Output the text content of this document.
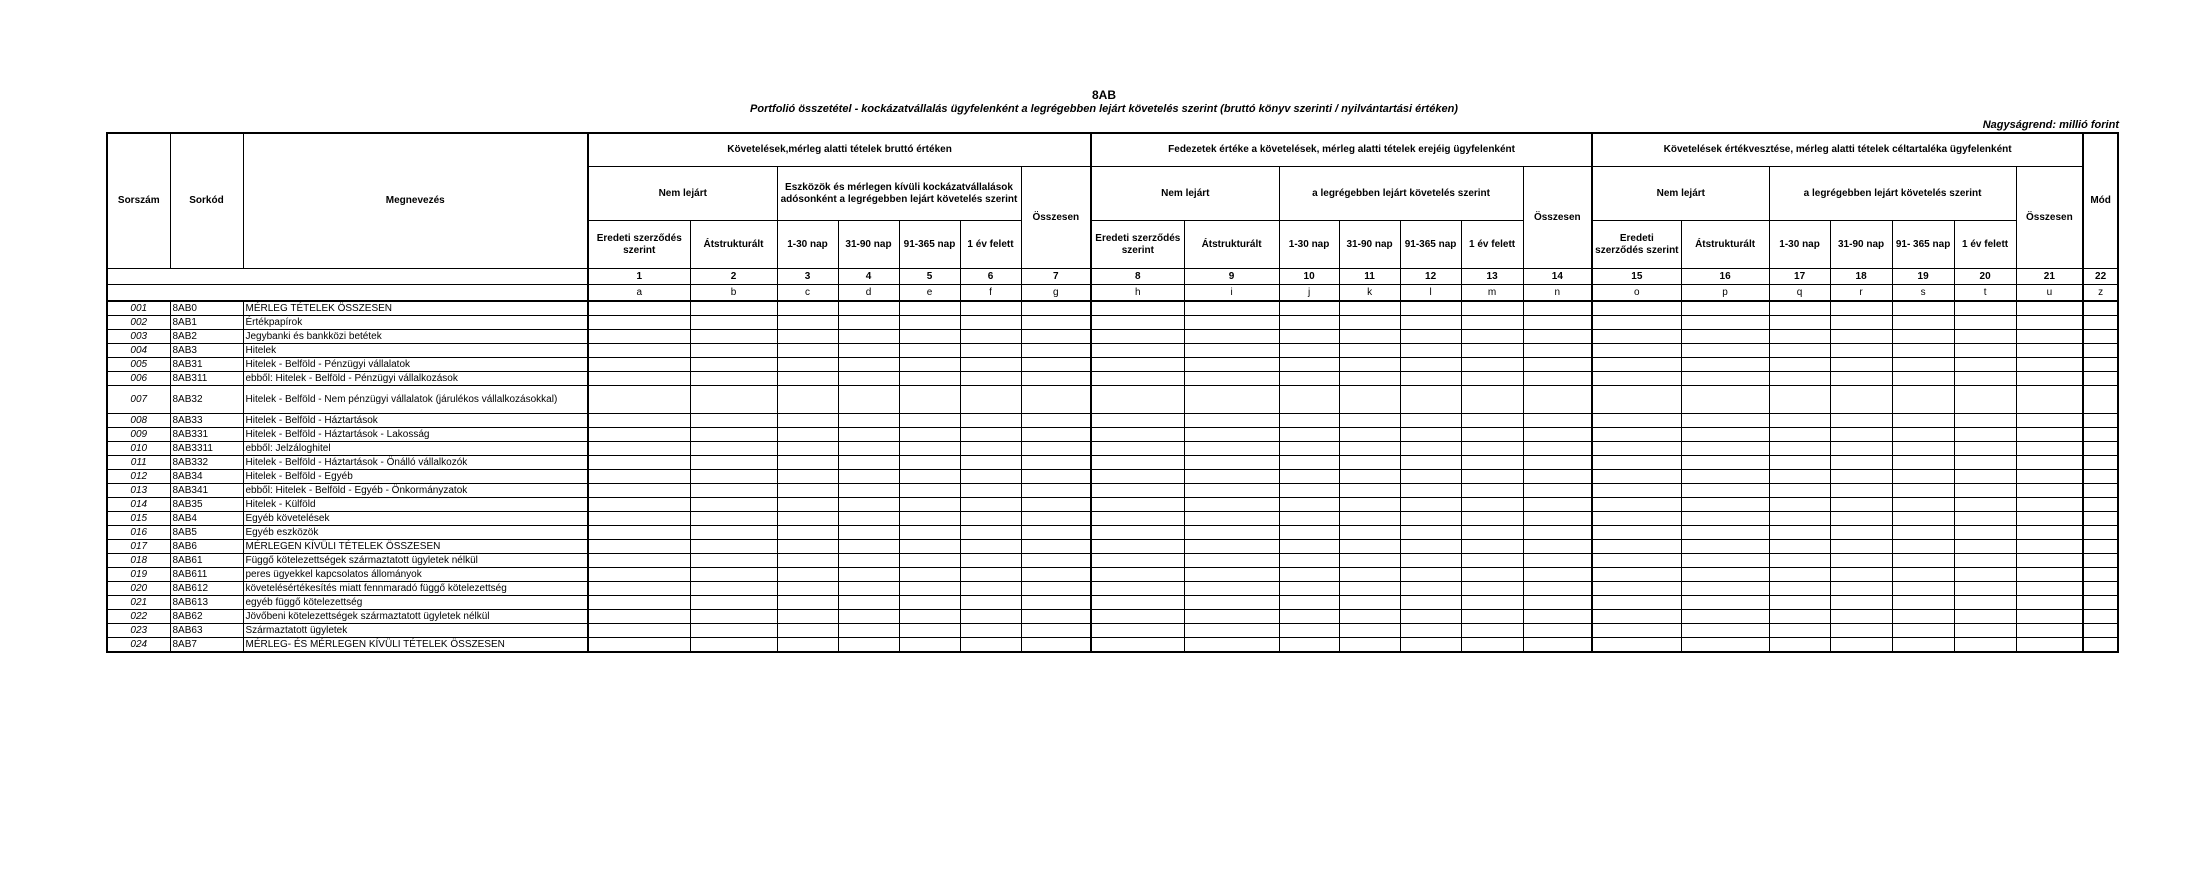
8AB
Portfolió összetétel - kockázatvállalás ügyfelenként a legrégebben lejárt követelés szerint (bruttó könyv szerinti / nyilvántartási értéken)
Nagyságrend: millió forint
Sorszám	Sorkód	Megnevezés	Követelések,mérleg alatti tételek bruttó értéken							Fedezetek értéke a követelések, mérleg alatti tételek erejéig ügyfelenként							Követelések értékvesztése, mérleg alatti tételek céltartaléka ügyfelenként							Mód
			Nem lejárt		Eszközök és mérlegen kívüli kockázatvállalások adósonként a legrégebben lejárt követelés szerint				Összesen	Nem lejárt		a legrégebben lejárt követelés szerint				Összesen	Nem lejárt		a legrégebben lejárt követelés szerint				Összesen	
			Eredeti szerződés szerint	Átstrukturált	1-30 nap	31-90 nap	91-365 nap	1 év felett		Eredeti szerződés szerint	Átstrukturált	1-30 nap	31-90 nap	91-365 nap	1 év felett		Eredeti szerződés szerint	Átstrukturált	1-30 nap	31-90 nap	91- 365 nap	1 év felett		
			1	2	3	4	5	6	7	8	9	10	11	12	13	14	15	16	17	18	19	20	21	22
			a	b	c	d	e	f	g	h	i	j	k	l	m	n	o	p	q	r	s	t	u	z
001	8AB0	MÉRLEG TÉTELEK ÖSSZESEN																						
002	8AB1	Értékpapírok																						
003	8AB2	Jegybanki és bankközi betétek																						
004	8AB3	Hitelek																						
005	8AB31	Hitelek - Belföld - Pénzügyi vállalatok																						
006	8AB311	ebből: Hitelek - Belföld - Pénzügyi vállalkozások																						
007	8AB32	Hitelek - Belföld - Nem pénzügyi vállalatok (járulékos vállalkozásokkal)																						
008	8AB33	Hitelek - Belföld - Háztartások																						
009	8AB331	Hitelek - Belföld - Háztartások - Lakosság																						
010	8AB3311	ebből: Jelzáloghitel																						
011	8AB332	Hitelek - Belföld - Háztartások - Önálló vállalkozók																						
012	8AB34	Hitelek - Belföld - Egyéb																						
013	8AB341	ebből: Hitelek - Belföld - Egyéb - Önkormányzatok																						
014	8AB35	Hitelek - Külföld																						
015	8AB4	Egyéb követelések																						
016	8AB5	Egyéb eszközök																						
017	8AB6	MÉRLEGEN KÍVÜLI TÉTELEK ÖSSZESEN																						
018	8AB61	Függő kötelezettségek származtatott ügyletek nélkül																						
019	8AB611	peres ügyekkel kapcsolatos állományok																						
020	8AB612	követelésértékesítés miatt fennmaradó függő kötelezettség																						
021	8AB613	egyéb függő kötelezettség																						
022	8AB62	Jövőbeni kötelezettségek származtatott ügyletek nélkül																						
023	8AB63	Származtatott ügyletek																						
024	8AB7	MÉRLEG- ÉS MÉRLEGEN KÍVÜLI TÉTELEK ÖSSZESEN																						
